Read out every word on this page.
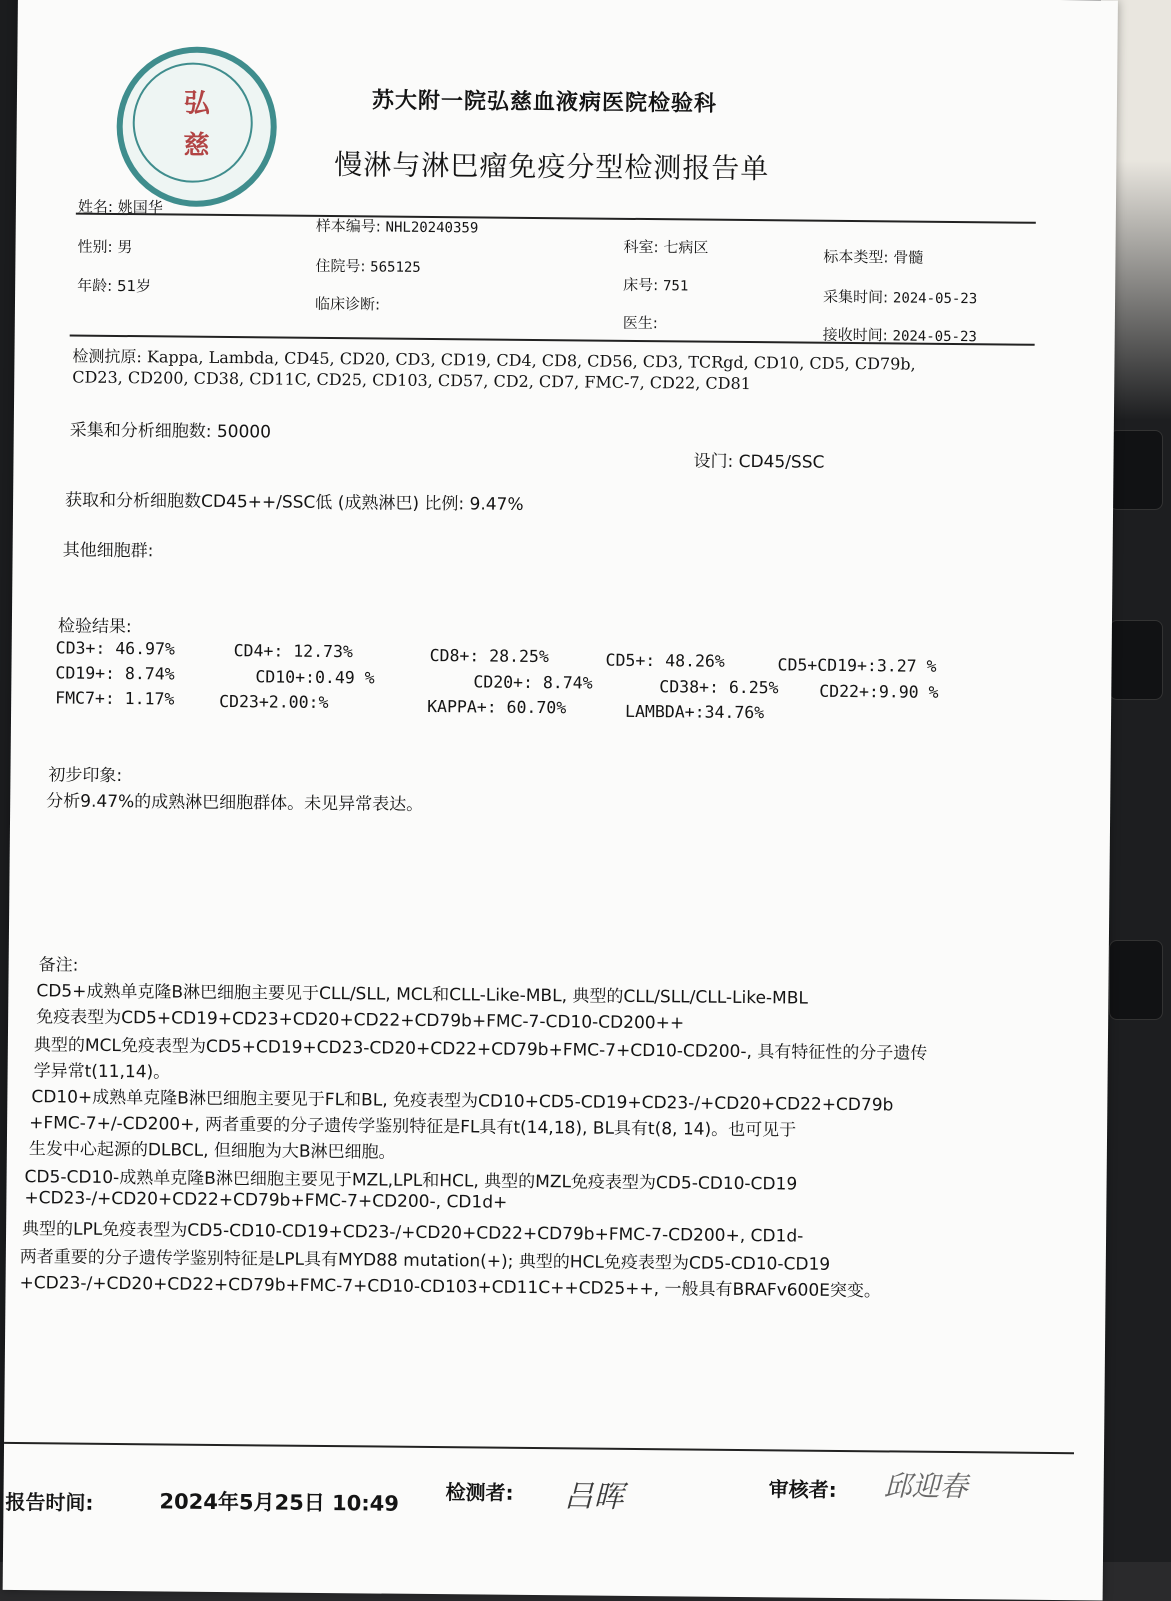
弘
慈
苏大附一院弘慈血液病医院检验科
慢淋与淋巴瘤免疫分型检测报告单
姓名: 姚国华
性别: 男
年龄: 51岁
样本编号: NHL20240359
住院号: 565125
临床诊断:
科室: 七病区
床号: 751
医生:
标本类型: 骨髓
采集时间: 2024-05-23
接收时间: 2024-05-23
检测抗原: Kappa, Lambda, CD45, CD20, CD3, CD19, CD4, CD8, CD56, CD3, TCRgd, CD10, CD5, CD79b,
CD23, CD200, CD38, CD11C, CD25, CD103, CD57, CD2, CD7, FMC-7, CD22, CD81
采集和分析细胞数: 50000
设门: CD45/SSC
获取和分析细胞数CD45++/SSC低 (成熟淋巴) 比例: 9.47%
其他细胞群:
检验结果:
CD3+: 46.97%	CD4+: 12.73%	CD8+: 28.25%	CD5+: 48.26%	CD5+CD19+:3.27 %
CD19+: 8.74%	CD10+:0.49 %	CD20+: 8.74%	CD38+: 6.25% CD22+:9.90 %
FMC7+: 1.17%	CD23+2.00:%	KAPPA+: 60.70%	LAMBDA+:34.76%
初步印象:
分析9.47%的成熟淋巴细胞群体。未见异常表达。
备注:
CD5+成熟单克隆B淋巴细胞主要见于CLL/SLL, MCL和CLL-Like-MBL, 典型的CLL/SLL/CLL-Like-MBL
免疫表型为CD5+CD19+CD23+CD20+CD22+CD79b+FMC-7-CD10-CD200++
典型的MCL免疫表型为CD5+CD19+CD23-CD20+CD22+CD79b+FMC-7+CD10-CD200-, 具有特征性的分子遗传
学异常t(11,14)。
CD10+成熟单克隆B淋巴细胞主要见于FL和BL, 免疫表型为CD10+CD5-CD19+CD23-/+CD20+CD22+CD79b
+FMC-7+/-CD200+, 两者重要的分子遗传学鉴别特征是FL具有t(14,18), BL具有t(8, 14)。也可见于
生发中心起源的DLBCL, 但细胞为大B淋巴细胞。
CD5-CD10-成熟单克隆B淋巴细胞主要见于MZL,LPL和HCL, 典型的MZL免疫表型为CD5-CD10-CD19
+CD23-/+CD20+CD22+CD79b+FMC-7+CD200-, CD1d+
典型的LPL免疫表型为CD5-CD10-CD19+CD23-/+CD20+CD22+CD79b+FMC-7-CD200+, CD1d-
两者重要的分子遗传学鉴别特征是LPL具有MYD88 mutation(+); 典型的HCL免疫表型为CD5-CD10-CD19
+CD23-/+CD20+CD22+CD79b+FMC-7+CD10-CD103+CD11C++CD25++, 一般具有BRAFv600E突变。
报告时间:	2024年5月25日 10:49 检测者: 吕晖	审核者: 邱迎春
